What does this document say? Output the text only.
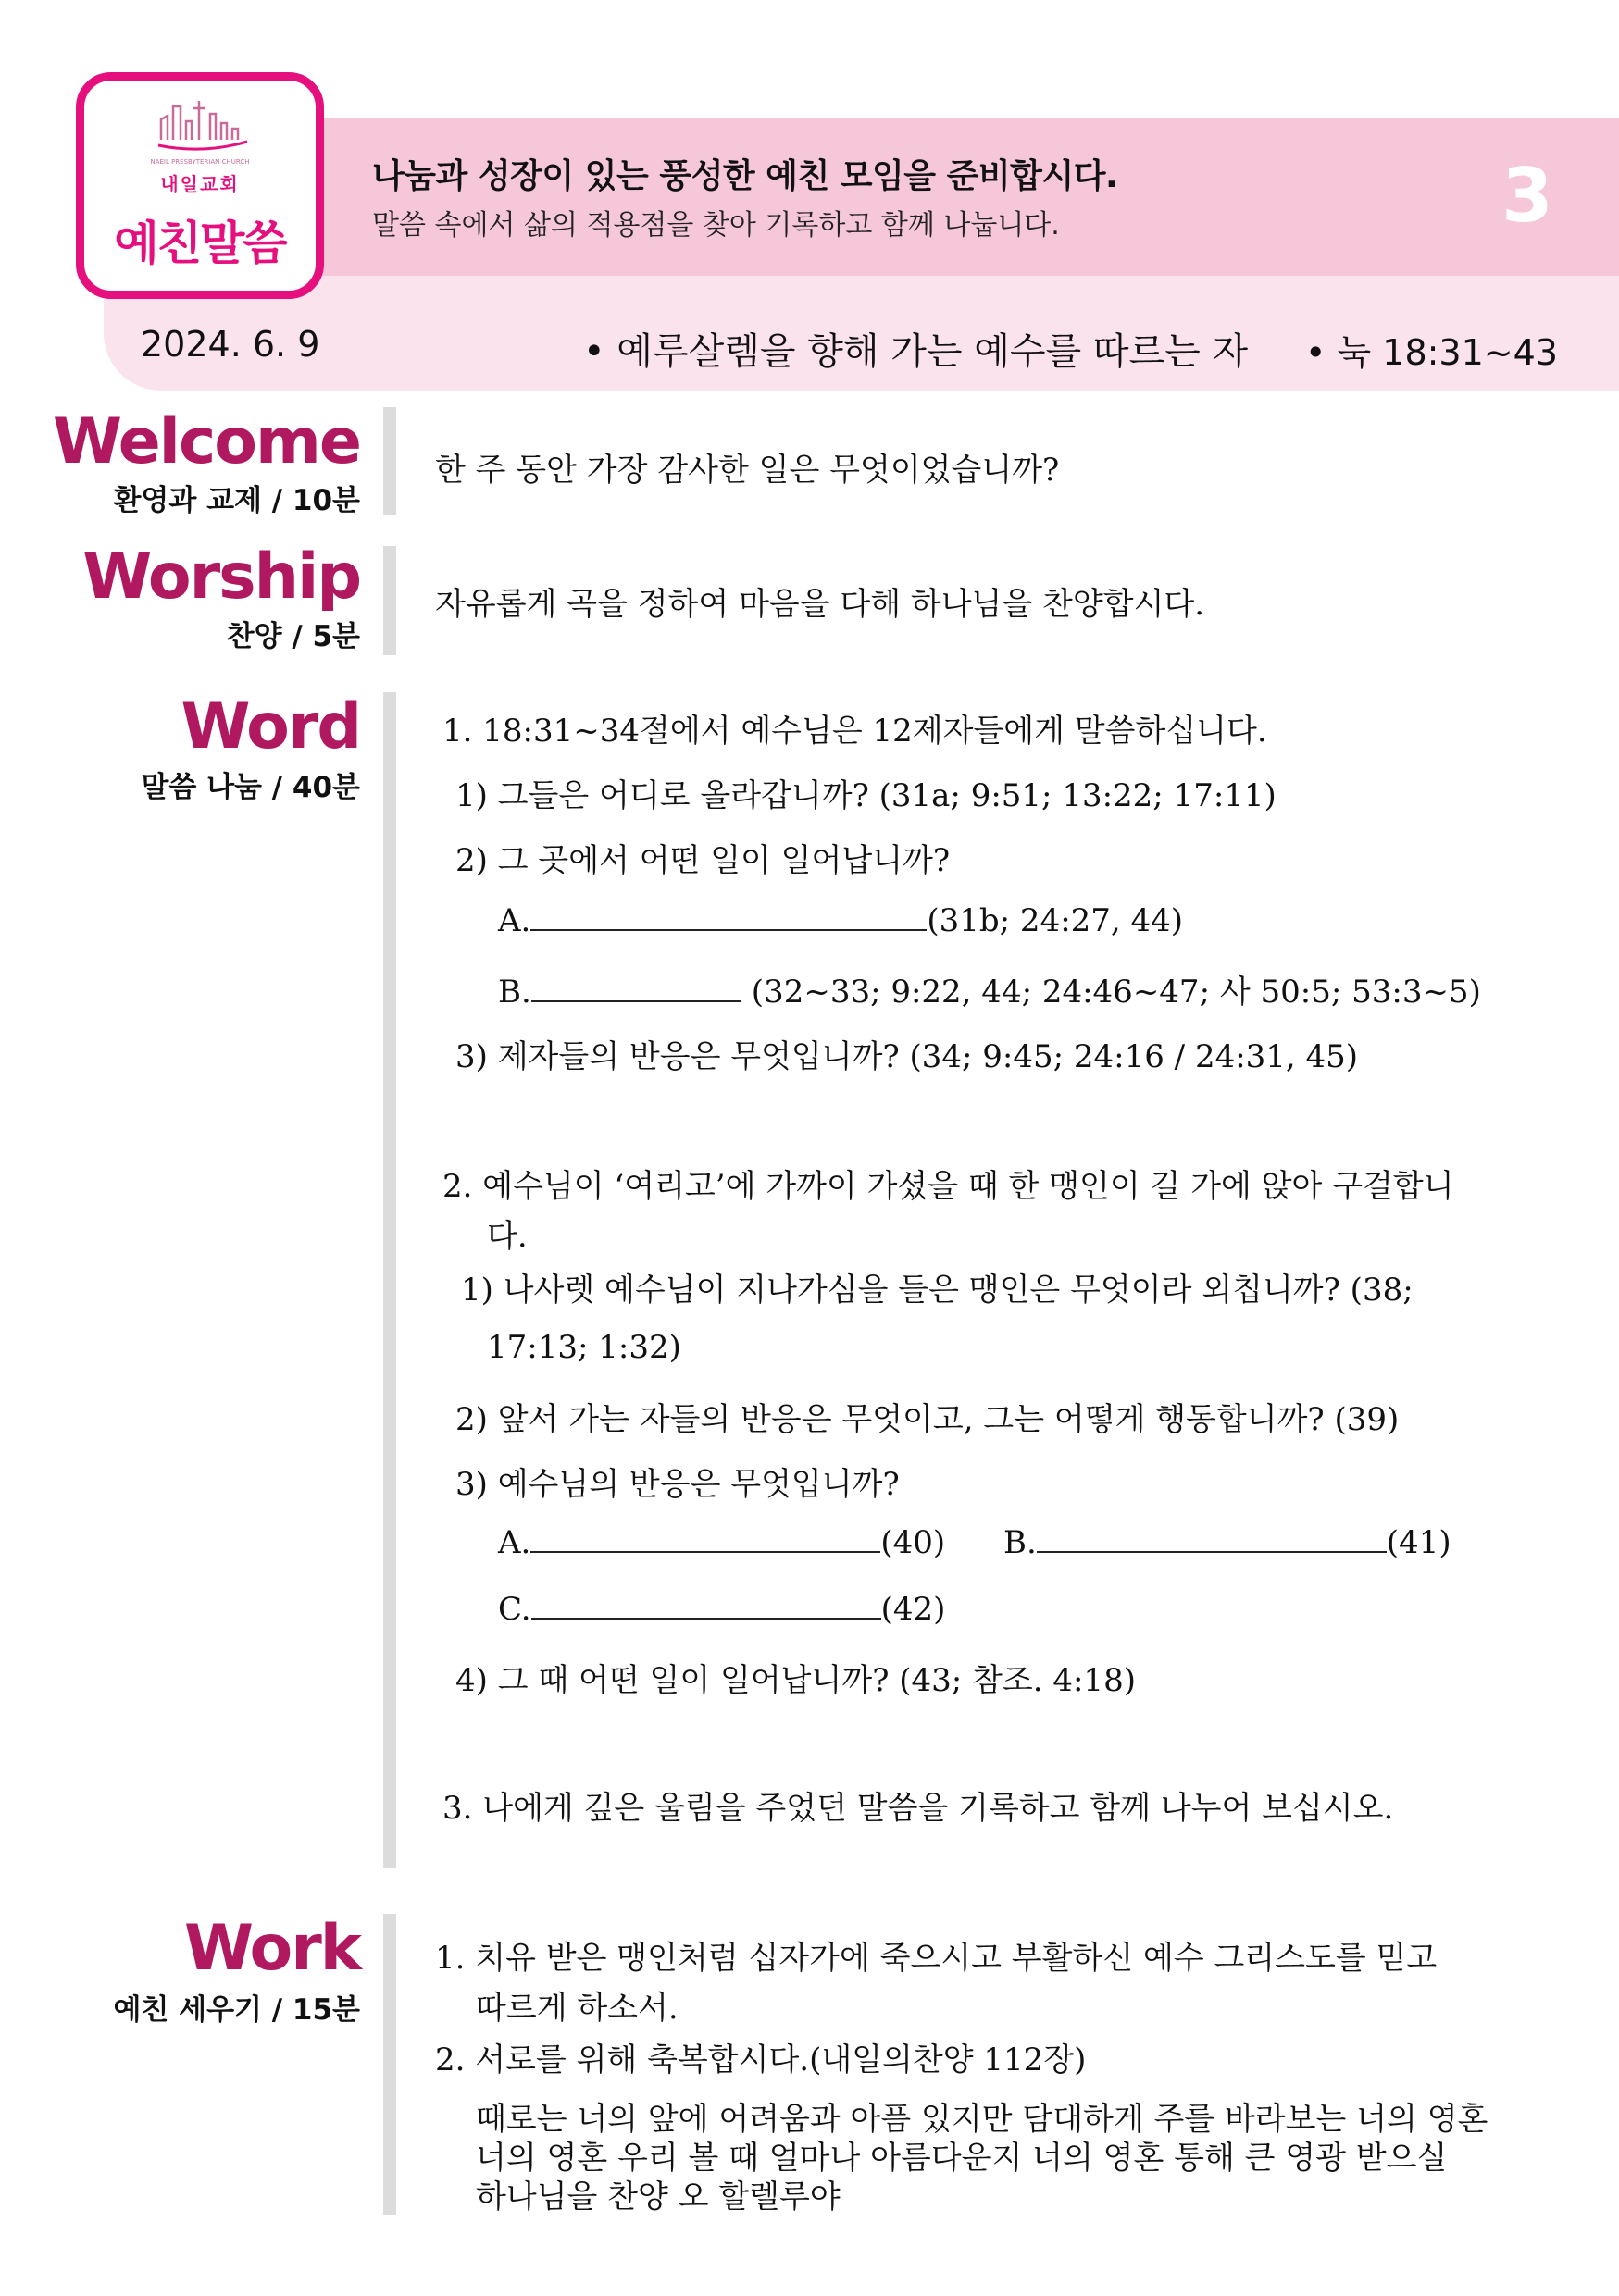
NAEIL PRESBYTERIAN CHURCH
내일교회
예친말씀
나눔과 성장이 있는 풍성한 예친 모임을 준비합시다.
말씀 속에서 삶의 적용점을 찾아 기록하고 함께 나눕니다.	3
2024. 6. 9	• 예루살렘을 향해 가는 예수를 따르는 자 • 눅 18:31~43
Welcome
환영과 교제 / 10분
한 주 동안 가장 감사한 일은 무엇이었습니까?
Worship
찬양 / 5분
자유롭게 곡을 정하여 마음을 다해 하나님을 찬양합시다.
Word
말씀 나눔 / 40분
1. 18:31~34절에서 예수님은 12제자들에게 말씀하십니다.
1) 그들은 어디로 올라갑니까? (31a; 9:51; 13:22; 17:11)
2) 그 곳에서 어떤 일이 일어납니까?
A.	(31b; 24:27, 44)
B.	(32~33; 9:22, 44; 24:46~47; 사 50:5; 53:3~5)
3) 제자들의 반응은 무엇입니까? (34; 9:45; 24:16 / 24:31, 45)
2. 예수님이 ‘여리고’에 가까이 가셨을 때 한 맹인이 길 가에 앉아 구걸합니
다.
1) 나사렛 예수님이 지나가심을 들은 맹인은 무엇이라 외칩니까? (38;
17:13; 1:32)
2) 앞서 가는 자들의 반응은 무엇이고, 그는 어떻게 행동합니까? (39)
3) 예수님의 반응은 무엇입니까?
A.	(40) B.	(41)
C.	(42)
4) 그 때 어떤 일이 일어납니까? (43; 참조. 4:18)
3. 나에게 깊은 울림을 주었던 말씀을 기록하고 함께 나누어 보십시오.
Work
예친 세우기 / 15분
1. 치유 받은 맹인처럼 십자가에 죽으시고 부활하신 예수 그리스도를 믿고
따르게 하소서.
2. 서로를 위해 축복합시다.(내일의찬양 112장)
때로는 너의 앞에 어려움과 아픔 있지만 담대하게 주를 바라보는 너의 영혼
너의 영혼 우리 볼 때 얼마나 아름다운지 너의 영혼 통해 큰 영광 받으실
하나님을 찬양 오 할렐루야
